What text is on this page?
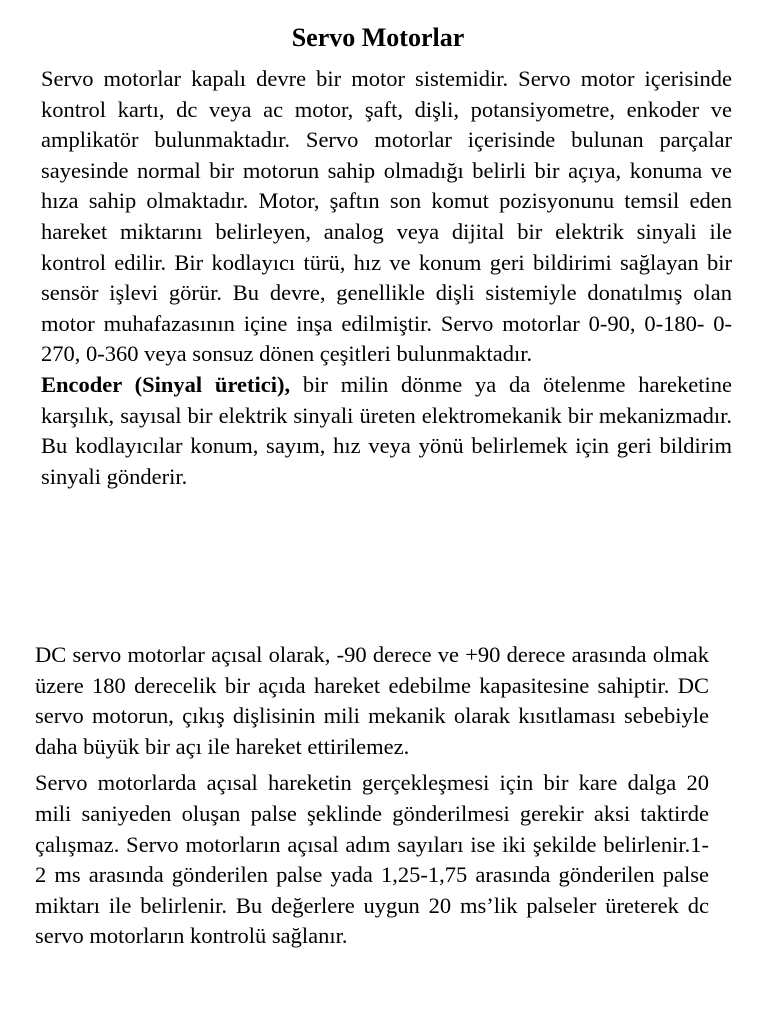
Servo Motorlar

Servo motorlar kapalı devre bir motor sistemidir. Servo motor içerisinde kontrol kartı, dc veya ac motor, şaft, dişli, potansiyometre, enkoder ve amplikatör bulunmaktadır. Servo motorlar içerisinde bulunan parçalar sayesinde normal bir motorun sahip olmadığı belirli bir açıya, konuma ve hıza sahip olmaktadır. Motor, şaftın son komut pozisyonunu temsil eden hareket miktarını belirleyen, analog veya dijital bir elektrik sinyali ile kontrol edilir. Bir kodlayıcı türü, hız ve konum geri bildirimi sağlayan bir sensör işlevi görür. Bu devre, genellikle dişli sistemiyle donatılmış olan motor muhafazasının içine inşa edilmiştir. Servo motorlar 0-90, 0-180- 0-270, 0-360 veya sonsuz dönen çeşitleri bulunmaktadır.

Encoder (Sinyal üretici), bir milin dönme ya da ötelenme hareketine karşılık, sayısal bir elektrik sinyali üreten elektromekanik bir mekanizmadır. Bu kodlayıcılar konum, sayım, hız veya yönü belirlemek için geri bildirim sinyali gönderir.

DC servo motorlar açısal olarak, -90 derece ve +90 derece arasında olmak üzere 180 derecelik bir açıda hareket edebilme kapasitesine sahiptir. DC servo motorun, çıkış dişlisinin mili mekanik olarak kısıtlaması sebebiyle daha büyük bir açı ile hareket ettirilemez.

Servo motorlarda açısal hareketin gerçekleşmesi için bir kare dalga 20 mili saniyeden oluşan palse şeklinde gönderilmesi gerekir aksi taktirde çalışmaz. Servo motorların açısal adım sayıları ise iki şekilde belirlenir.1-2 ms arasında gönderilen palse yada 1,25-1,75 arasında gönderilen palse miktarı ile belirlenir. Bu değerlere uygun 20 ms’lik palseler üreterek dc servo motorların kontrolü sağlanır.
